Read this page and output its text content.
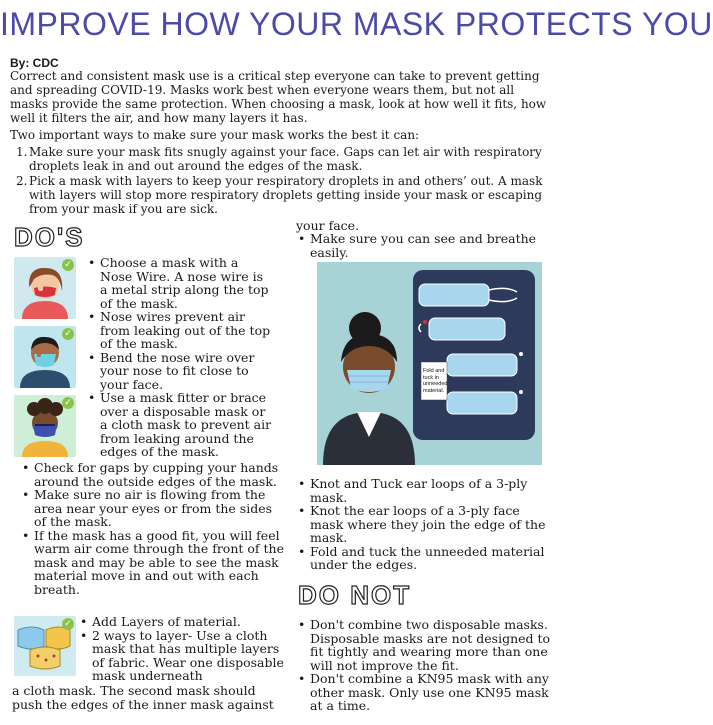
IMPROVE HOW YOUR MASK PROTECTS YOU
By: CDC

Correct and consistent mask use is a critical step everyone can take to prevent getting and spreading COVID-19. Masks work best when everyone wears them, but not all masks provide the same protection. When choosing a mask, look at how well it fits, how well it filters the air, and how many layers it has.

Two important ways to make sure your mask works the best it can:

1. Make sure your mask fits snugly against your face. Gaps can let air with respiratory droplets leak in and out around the edges of the mask.
2. Pick a mask with layers to keep your respiratory droplets in and others’ out. A mask with layers will stop more respiratory droplets getting inside your mask or escaping from your mask if you are sick.
DO'S
✓
✓
✓
• Choose a mask with a Nose Wire. A nose wire is a metal strip along the top of the mask.
• Nose wires prevent air from leaking out of the top of the mask.
• Bend the nose wire over your nose to fit close to your face.
• Use a mask fitter or brace over a disposable mask or a cloth mask to prevent air from leaking around the edges of the mask.
• Check for gaps by cupping your hands around the outside edges of the mask.
• Make sure no air is flowing from the area near your eyes or from the sides of the mask.
• If the mask has a good fit, you will feel warm air come through the front of the mask and may be able to see the mask material move in and out with each breath.
✓
•	Add Layers of material.
• 2 ways to layer- Use a cloth mask that has multiple layers of fabric. Wear one disposable mask underneath

a cloth mask. The second mask should push the edges of the inner mask against

your face.

• Make sure you can see and breathe easily.
Fold and tuck in unneeded material.
• Knot and Tuck ear loops of a 3-ply mask.
• Knot the ear loops of a 3-ply face mask where they join the edge of the mask.
• Fold and tuck the unneeded material under the edges.
DO NOT
• Don't combine two disposable masks. Disposable masks are not designed to fit tightly and wearing more than one will not improve the fit.
• Don't combine a KN95 mask with any other mask. Only use one KN95 mask at a time.
